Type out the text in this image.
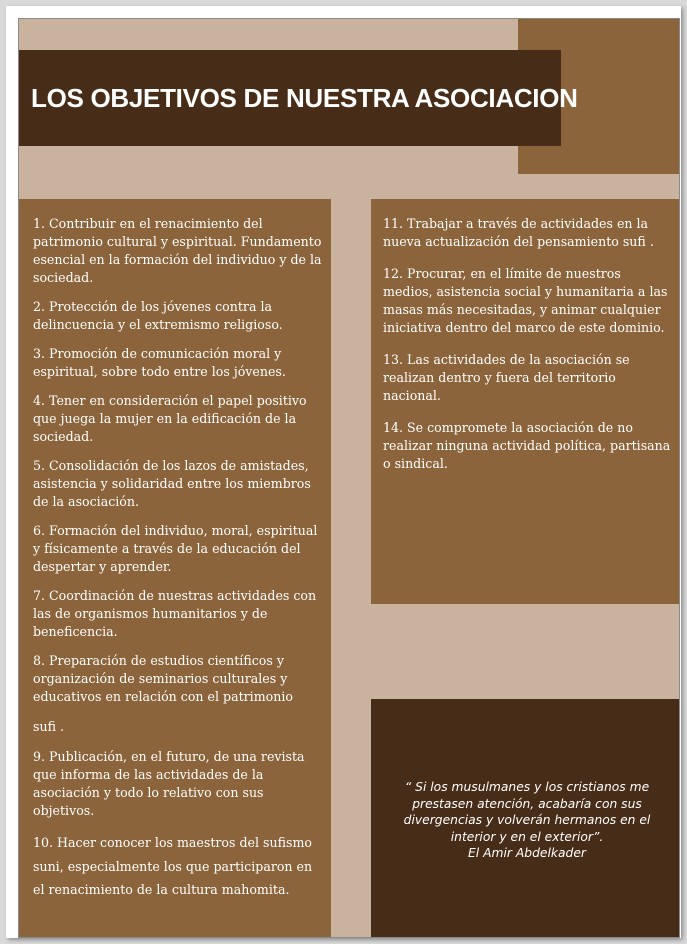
LOS OBJETIVOS DE NUESTRA ASOCIACION

1. Contribuir en el renacimiento del patrimonio cultural y espiritual. Fundamento esencial en la formación del individuo y de la sociedad.

2. Protección de los jóvenes contra la delincuencia y el extremismo religioso.

3. Promoción de comunicación moral y espiritual, sobre todo entre los jóvenes.

4. Tener en consideración el papel positivo que juega la mujer en la edificación de la sociedad.

5. Consolidación de los lazos de amistades, asistencia y solidaridad entre los miembros de la asociación.

6. Formación del individuo, moral, espiritual y físicamente a través de la educación del despertar y aprender.

7. Coordinación de nuestras actividades con las de organismos humanitarios y de beneficencia.

8. Preparación de estudios científicos y organización de seminarios culturales y educativos en relación con el patrimonio

sufi .

9. Publicación, en el futuro, de una revista que informa de las actividades de la asociación y todo lo relativo con sus objetivos.

10. Hacer conocer los maestros del sufismo suni, especialmente los que participaron en

el renacimiento de la cultura mahomita.

11. Trabajar a través de actividades en la nueva actualización del pensamiento sufi .

12. Procurar, en el límite de nuestros medios, asistencia social y humanitaria a las masas más necesitadas, y animar cualquier iniciativa dentro del marco de este dominio.

13. Las actividades de la asociación se realizan dentro y fuera del territorio nacional.

14. Se compromete la asociación de no realizar ninguna actividad política, partisana o sindical.

“ Si los musulmanes y los cristianos me prestasen atención, acabaría con sus divergencias y volverán hermanos en el interior y en el exterior”.
El Amir Abdelkader
